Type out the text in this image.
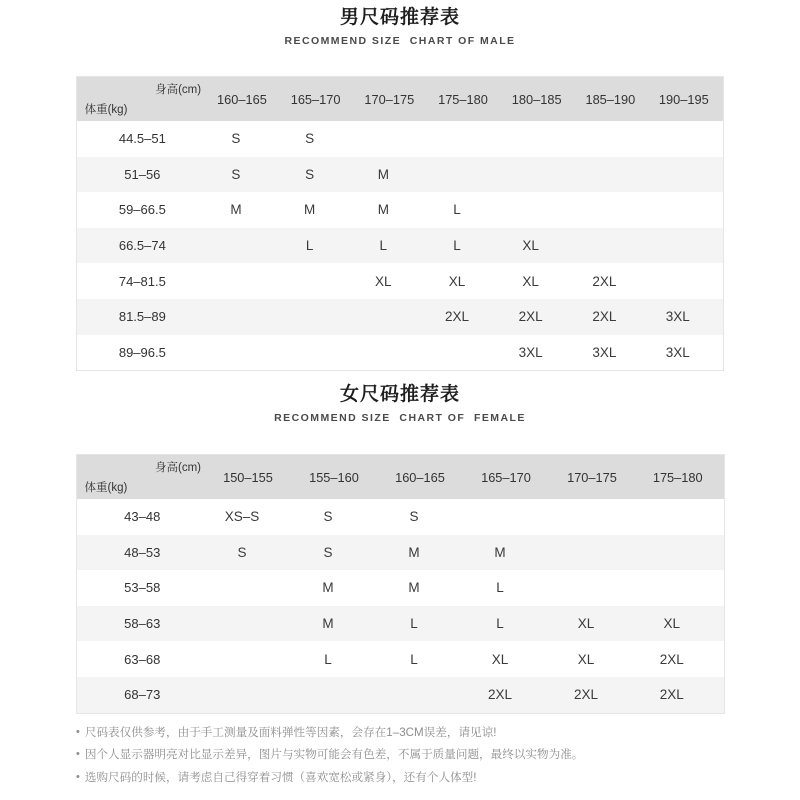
男尺码推荐表
RECOMMEND SIZE  CHART OF MALE
体重(kg)
身高(cm)	160–165	165–170	170–175	175–180	180–185	185–190	190–195
44.5–51	S	S					
51–56	S	S	M				
59–66.5	M	M	M	L			
66.5–74		L	L	L	XL		
74–81.5			XL	XL	XL	2XL	
81.5–89				2XL	2XL	2XL	3XL
89–96.5					3XL	3XL	3XL
女尺码推荐表
RECOMMEND SIZE  CHART OF  FEMALE
体重(kg)
身高(cm)	150–155	155–160	160–165	165–170	170–175	175–180
43–48	XS–S	S	S			
48–53	S	S	M	M		
53–58		M	M	L		
58–63		M	L	L	XL	XL
63–68		L	L	XL	XL	2XL
68–73				2XL	2XL	2XL
• 尺码表仅供参考，由于手工测量及面料弹性等因素，会存在1–3CM误差，请见谅!
• 因个人显示器明亮对比显示差异，图片与实物可能会有色差，不属于质量问题，最终以实物为准。
• 选购尺码的时候，请考虑自己得穿着习惯（喜欢宽松或紧身），还有个人体型!
